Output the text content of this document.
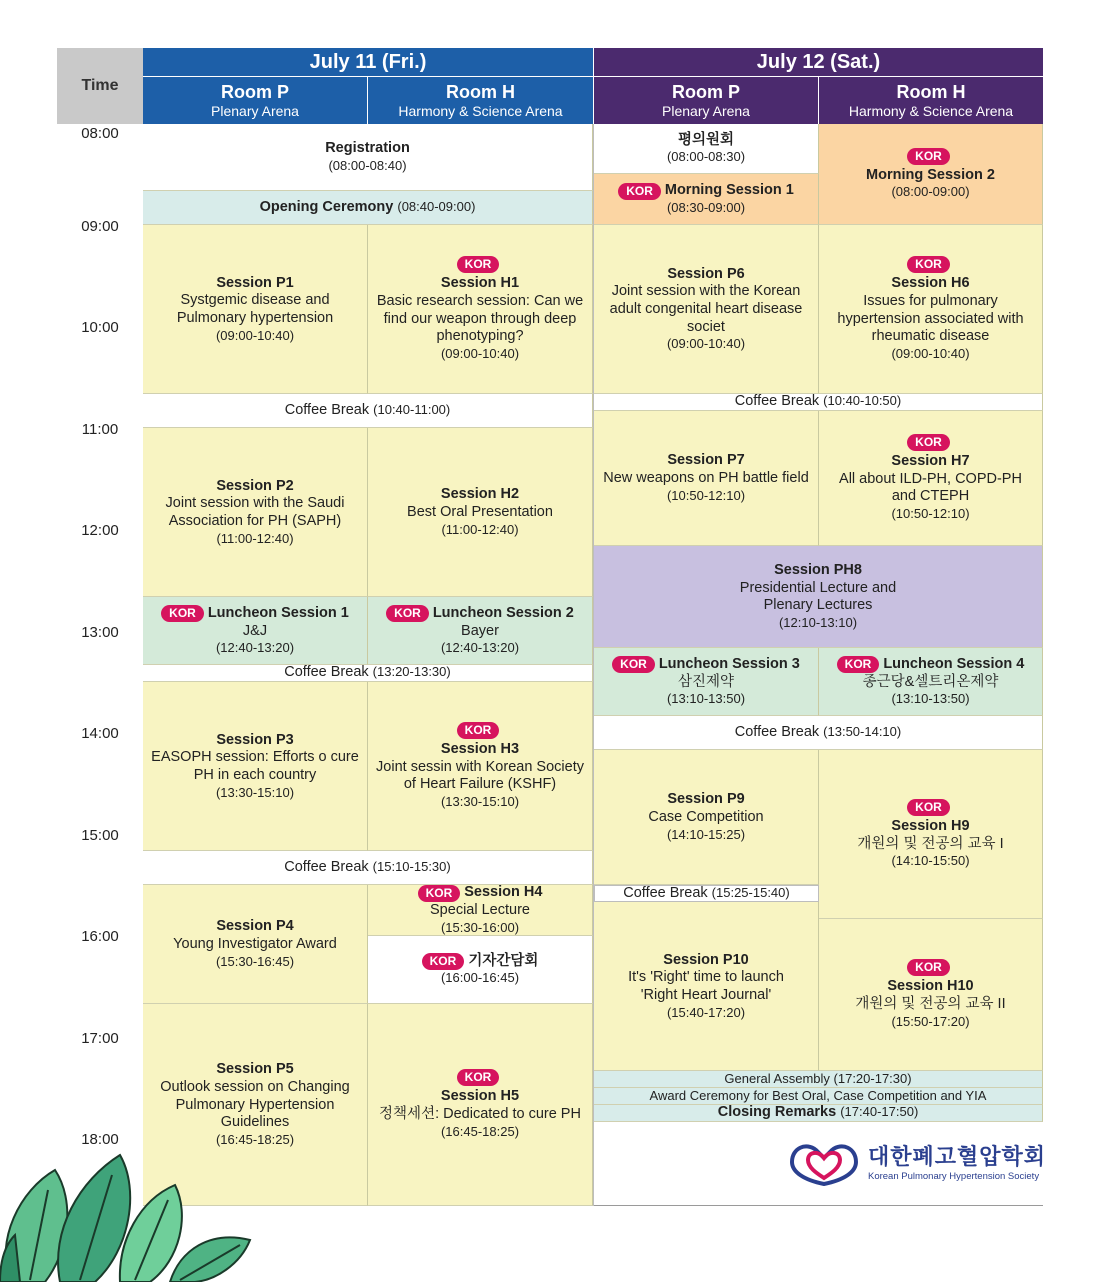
Time
July 11 (Fri.)	July 12 (Sat.)
Room P
Plenary Arena
Room H
Harmony & Science Arena
Room P
Plenary Arena
Room H
Harmony & Science Arena
08:00
09:00
10:00
11:00
12:00
13:00
14:00
15:00
16:00
17:00
18:00
Registration
(08:00-08:40)
Opening Ceremony (08:40-09:00)
Session P1
Systgemic disease and Pulmonary hypertension
(09:00-10:40)
KOR
Session H1
Basic research session: Can we find our weapon through deep phenotyping?
(09:00-10:40)
Coffee Break (10:40-11:00)
Session P2
Joint session with the Saudi Association for PH (SAPH)
(11:00-12:40)
Session H2
Best Oral Presentation
(11:00-12:40)
KOR Luncheon Session 1
J&J
(12:40-13:20)
KOR Luncheon Session 2
Bayer
(12:40-13:20)
Coffee Break (13:20-13:30)
Session P3
EASOPH session: Efforts o cure PH in each country
(13:30-15:10)
KOR
Session H3
Joint sessin with Korean Society of Heart Failure (KSHF)
(13:30-15:10)
Coffee Break (15:10-15:30)
Session P4
Young Investigator Award
(15:30-16:45)
KOR Session H4
Special Lecture
(15:30-16:00)
KOR 기자간담회
(16:00-16:45)
Session P5
Outlook session on Changing Pulmonary Hypertension Guidelines
(16:45-18:25)
KOR
Session H5
정책세션: Dedicated to cure PH
(16:45-18:25)
평의원회
(08:00-08:30)
KOR Morning Session 1
(08:30-09:00)
KOR
Morning Session 2
(08:00-09:00)
Session P6
Joint session with the Korean adult congenital heart disease societ
(09:00-10:40)
KOR
Session H6
Issues for pulmonary hypertension associated with rheumatic disease
(09:00-10:40)
Coffee Break (10:40-10:50)
Session P7
New weapons on PH battle field
(10:50-12:10)
KOR
Session H7
All about ILD-PH, COPD-PH and CTEPH
(10:50-12:10)
Session PH8
Presidential Lecture and Plenary Lectures
(12:10-13:10)
KOR Luncheon Session 3
삼진제약
(13:10-13:50)
KOR Luncheon Session 4
종근당&셀트리온제약
(13:10-13:50)
Coffee Break (13:50-14:10)
Session P9
Case Competition
(14:10-15:25)
KOR
Session H9
개원의 및 전공의 교육 I
(14:10-15:50)
Coffee Break (15:25-15:40)
Session P10
It's 'Right' time to launch 'Right Heart Journal'
(15:40-17:20)
KOR
Session H10
개원의 및 전공의 교육 II
(15:50-17:20)
General Assembly (17:20-17:30)
Award Ceremony for Best Oral, Case Competition and YIA
Closing Remarks (17:40-17:50)
대한폐고혈압학회
Korean Pulmonary Hypertension Society
